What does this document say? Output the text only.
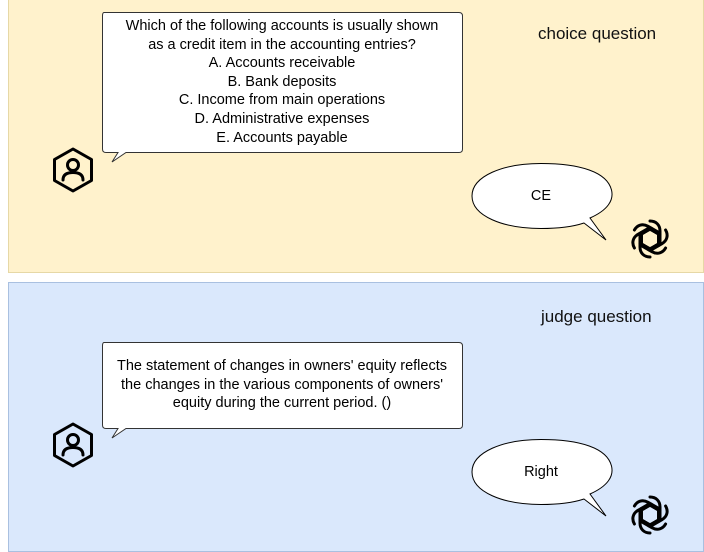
choice question
Which of the following accounts is usually shown
as a credit item in the accounting entries?
A. Accounts receivable
B. Bank deposits
C. Income from main operations
D. Administrative expenses
E. Accounts payable
CE
judge question
The statement of changes in owners' equity reflects
the changes in the various components of owners'
equity during the current period. ()
Right
